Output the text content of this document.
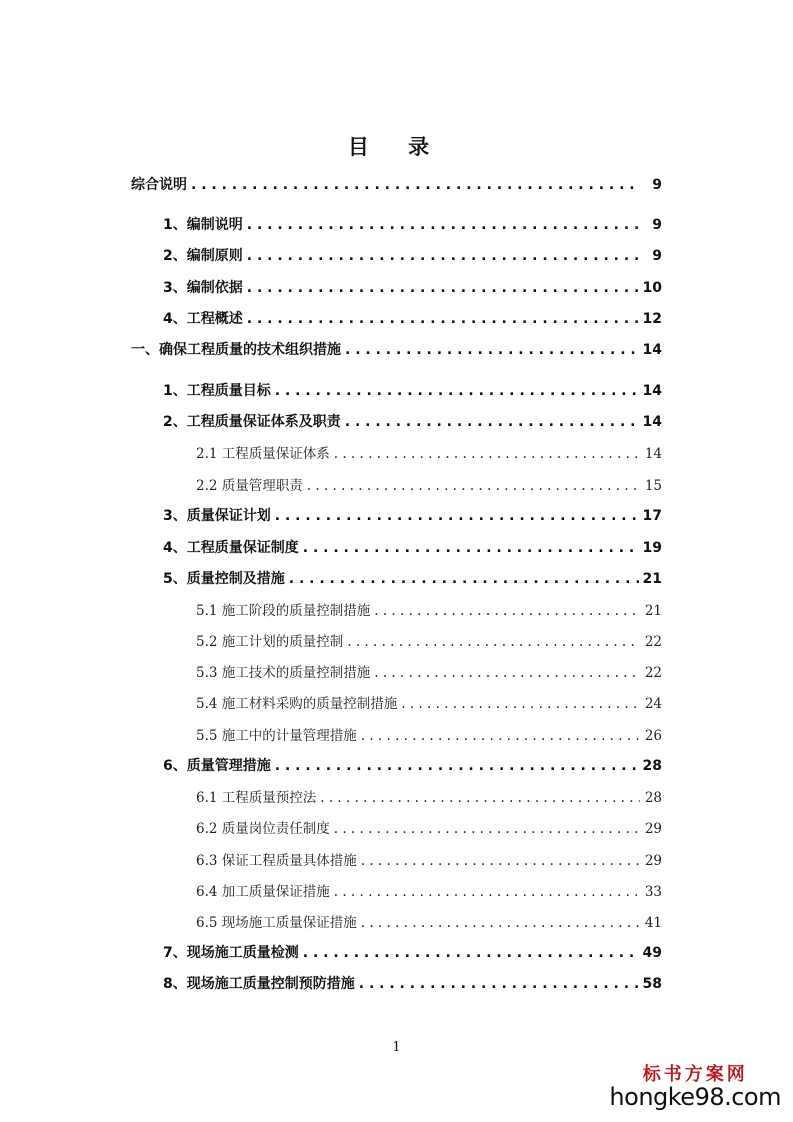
目 录
综合说明 . . .	9
1、编制说明 . . .	9
2、编制原则 . . .	9
3、编制依据 . . .	10
4、工程概述 . . .	12
一、确保工程质量的技术组织措施 . . .	14
1、工程质量目标 . . .	14
2、工程质量保证体系及职责 . . .	14
2.1 工程质量保证体系 . . .	14
2.2 质量管理职责 . . .	15
3、质量保证计划 . . .	17
4、工程质量保证制度 . . .	19
5、质量控制及措施 . . .	21
5.1 施工阶段的质量控制措施 . . .	21
5.2 施工计划的质量控制 . . .	22
5.3 施工技术的质量控制措施 . . .	22
5.4 施工材料采购的质量控制措施 . . .	24
5.5 施工中的计量管理措施 . . .	26
6、质量管理措施 . . .	28
6.1 工程质量预控法 . . .	28
6.2 质量岗位责任制度 . . .	29
6.3 保证工程质量具体措施 . . .	29
6.4 加工质量保证措施 . . .	33
6.5 现场施工质量保证措施 . . .	41
7、现场施工质量检测 . . .	49
8、现场施工质量控制预防措施 . . .	58
1
标书方案网
hongke98.com
